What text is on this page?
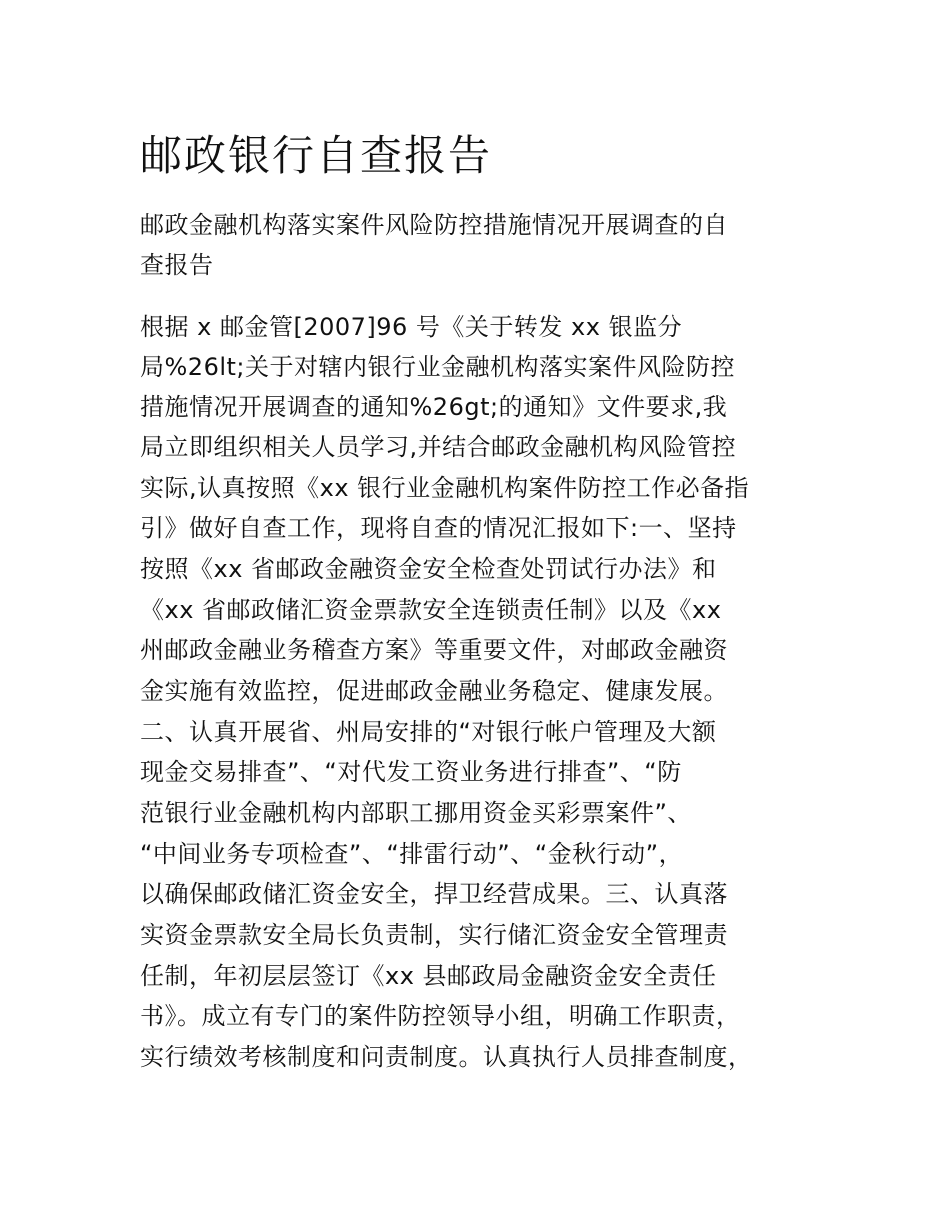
邮政银行自查报告
邮政金融机构落实案件风险防控措施情况开展调查的自
查报告

根据 x 邮金管[2007]96 号《关于转发 xx 银监分

局%26lt;关于对辖内银行业金融机构落实案件风险防控

措施情况开展调查的通知%26gt;的通知》文件要求,我

局立即组织相关人员学习,并结合邮政金融机构风险管控

实际,认真按照《xx 银行业金融机构案件防控工作必备指

引》做好自查工作，现将自查的情况汇报如下:一、坚持

按照《xx 省邮政金融资金安全检查处罚试行办法》和

《xx 省邮政储汇资金票款安全连锁责任制》以及《xx

州邮政金融业务稽查方案》等重要文件，对邮政金融资

金实施有效监控，促进邮政金融业务稳定、健康发展。

二、认真开展省、州局安排的“对银行帐户管理及大额

现金交易排查”、“对代发工资业务进行排查”、“防

范银行业金融机构内部职工挪用资金买彩票案件”、

“中间业务专项检查”、“排雷行动”、“金秋行动”，

以确保邮政储汇资金安全，捍卫经营成果。三、认真落

实资金票款安全局长负责制，实行储汇资金安全管理责

任制，年初层层签订《xx 县邮政局金融资金安全责任

书》。成立有专门的案件防控领导小组，明确工作职责，

实行绩效考核制度和问责制度。认真执行人员排查制度，
